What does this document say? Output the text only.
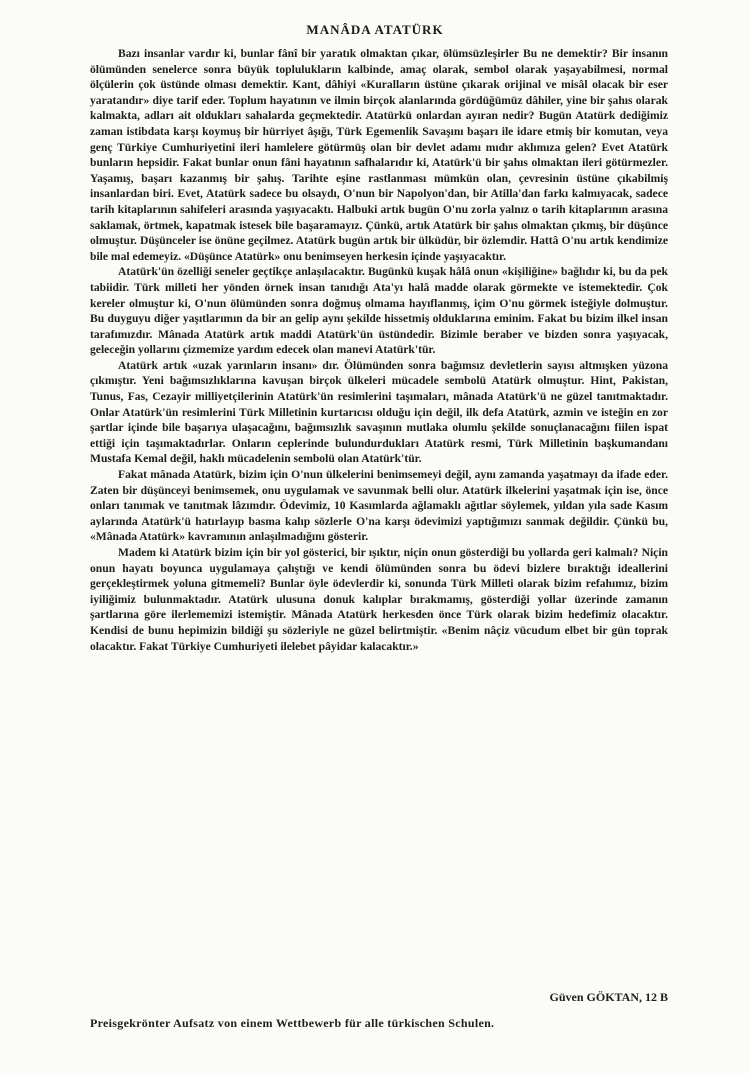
MANÂDA ATATÜRK

Bazı insanlar vardır ki, bunlar fânî bir yaratık olmaktan çıkar, ölümsüzleşirler Bu ne demektir? Bir insanın ölümünden senelerce sonra büyük toplulukların kalbinde, amaç olarak, sembol olarak yaşayabilmesi, normal ölçülerin çok üstünde olması demektir. Kant, dâhiyi «Kuralların üstüne çıkarak orijinal ve misâl olacak bir eser yaratandır» diye tarif eder. Toplum hayatının ve ilmin birçok alanlarında gördüğümüz dâhiler, yine bir şahıs olarak kalmakta, adları ait oldukları sahalarda geçmektedir. Atatürkü onlardan ayıran nedir? Bugün Atatürk dediğimiz zaman istibdata karşı koymuş bir hürriyet âşığı, Türk Egemenlik Savaşını başarı ile idare etmiş bir komutan, veya genç Türkiye Cumhuriyetini ileri hamlelere götürmüş olan bir devlet adamı mıdır aklımıza gelen? Evet Atatürk bunların hepsidir. Fakat bunlar onun fâni hayatının safhalarıdır ki, Atatürk'ü bir şahıs olmaktan ileri götürmezler. Yaşamış, başarı kazanmış bir şahış. Tarihte eşine rastlanması mümkün olan, çevresinin üstüne çıkabilmiş insanlardan biri. Evet, Atatürk sadece bu olsaydı, O'nun bir Napolyon'dan, bir Atilla'dan farkı kalmıyacak, sadece tarih kitaplarının sahifeleri arasında yaşıyacaktı. Halbuki artık bugün O'nu zorla yalnız o tarih kitaplarının arasına saklamak, örtmek, kapatmak istesek bile başaramayız. Çünkü, artık Atatürk bir şahıs olmaktan çıkmış, bir düşünce olmuştur. Düşünceler ise önüne geçilmez. Atatürk bugün artık bir ülküdür, bir özlemdir. Hattâ O'nu artık kendimize bile mal edemeyiz. «Düşünce Atatürk» onu benimseyen herkesin içinde yaşıyacaktır.

Atatürk'ün özelliği seneler geçtikçe anlaşılacaktır. Bugünkü kuşak hâlâ onun «kişiliğine» bağlıdır ki, bu da pek tabiidir. Türk milleti her yönden örnek insan tanıdığı Ata'yı halâ madde olarak görmekte ve istemektedir. Çok kereler olmuştur ki, O'nun ölümünden sonra doğmuş olmama hayıflanmış, içim O'nu görmek isteğiyle dolmuştur. Bu duyguyu diğer yaşıtlarımın da bir an gelip aynı şekilde hissetmiş olduklarına eminim. Fakat bu bizim ilkel insan tarafımızdır. Mânada Atatürk artık maddi Atatürk'ün üstündedir. Bizimle beraber ve bizden sonra yaşıyacak, geleceğin yollarını çizmemize yardım edecek olan manevi Atatürk'tür.

Atatürk artık «uzak yarınların insanı» dır. Ölümünden sonra bağımsız devletlerin sayısı altmışken yüzona çıkmıştır. Yeni bağımsızlıklarına kavuşan birçok ülkeleri mücadele sembolü Atatürk olmuştur. Hint, Pakistan, Tunus, Fas, Cezayir milliyetçilerinin Atatürk'ün resimlerini taşımaları, mânada Atatürk'ü ne güzel tanıtmaktadır. Onlar Atatürk'ün resimlerini Türk Milletinin kurtarıcısı olduğu için değil, ilk defa Atatürk, azmin ve isteğin en zor şartlar içinde bile başarıya ulaşacağını, bağımsızlık savaşının mutlaka olumlu şekilde sonuçlanacağını fiilen ispat ettiği için taşımaktadırlar. Onların ceplerinde bulundurdukları Atatürk resmi, Türk Milletinin başkumandanı Mustafa Kemal değil, haklı mücadelenin sembolü olan Atatürk'tür.

Fakat mânada Atatürk, bizim için O'nun ülkelerini benimsemeyi değil, aynı zamanda yaşatmayı da ifade eder. Zaten bir düşünceyi benimsemek, onu uygulamak ve savunmak belli olur. Atatürk ilkelerini yaşatmak için ise, önce onları tanımak ve tanıtmak lâzımdır. Ödevimiz, 10 Kasımlarda ağlamaklı ağıtlar söylemek, yıldan yıla sade Kasım aylarında Atatürk'ü hatırlayıp basma kalıp sözlerle O'na karşı ödevimizi yaptığımızı sanmak değildir. Çünkü bu, «Mânada Atatürk» kavramının anlaşılmadığını gösterir.

Madem ki Atatürk bizim için bir yol gösterici, bir ışıktır, niçin onun gösterdiği bu yollarda geri kalmalı? Niçin onun hayatı boyunca uygulamaya çalıştığı ve kendi ölümünden sonra bu ödevi bizlere bıraktığı ideallerini gerçekleştirmek yoluna gitmemeli? Bunlar öyle ödevlerdir ki, sonunda Türk Milleti olarak bizim refahımız, bizim iyiliğimiz bulunmaktadır. Atatürk ulusuna donuk kalıplar bırakmamış, gösterdiği yollar üzerinde zamanın şartlarına göre ilerlememizi istemiştir. Mânada Atatürk herkesden önce Türk olarak bizim hedefimiz olacaktır. Kendisi de bunu hepimizin bildiği şu sözleriyle ne güzel belirtmiştir. «Benim nâçiz vücudum elbet bir gün toprak olacaktır. Fakat Türkiye Cumhuriyeti ilelebet pâyidar kalacaktır.»

Güven GÖKTAN, 12 B
Preisgekrönter Aufsatz von einem Wettbewerb für alle türkischen Schulen.
